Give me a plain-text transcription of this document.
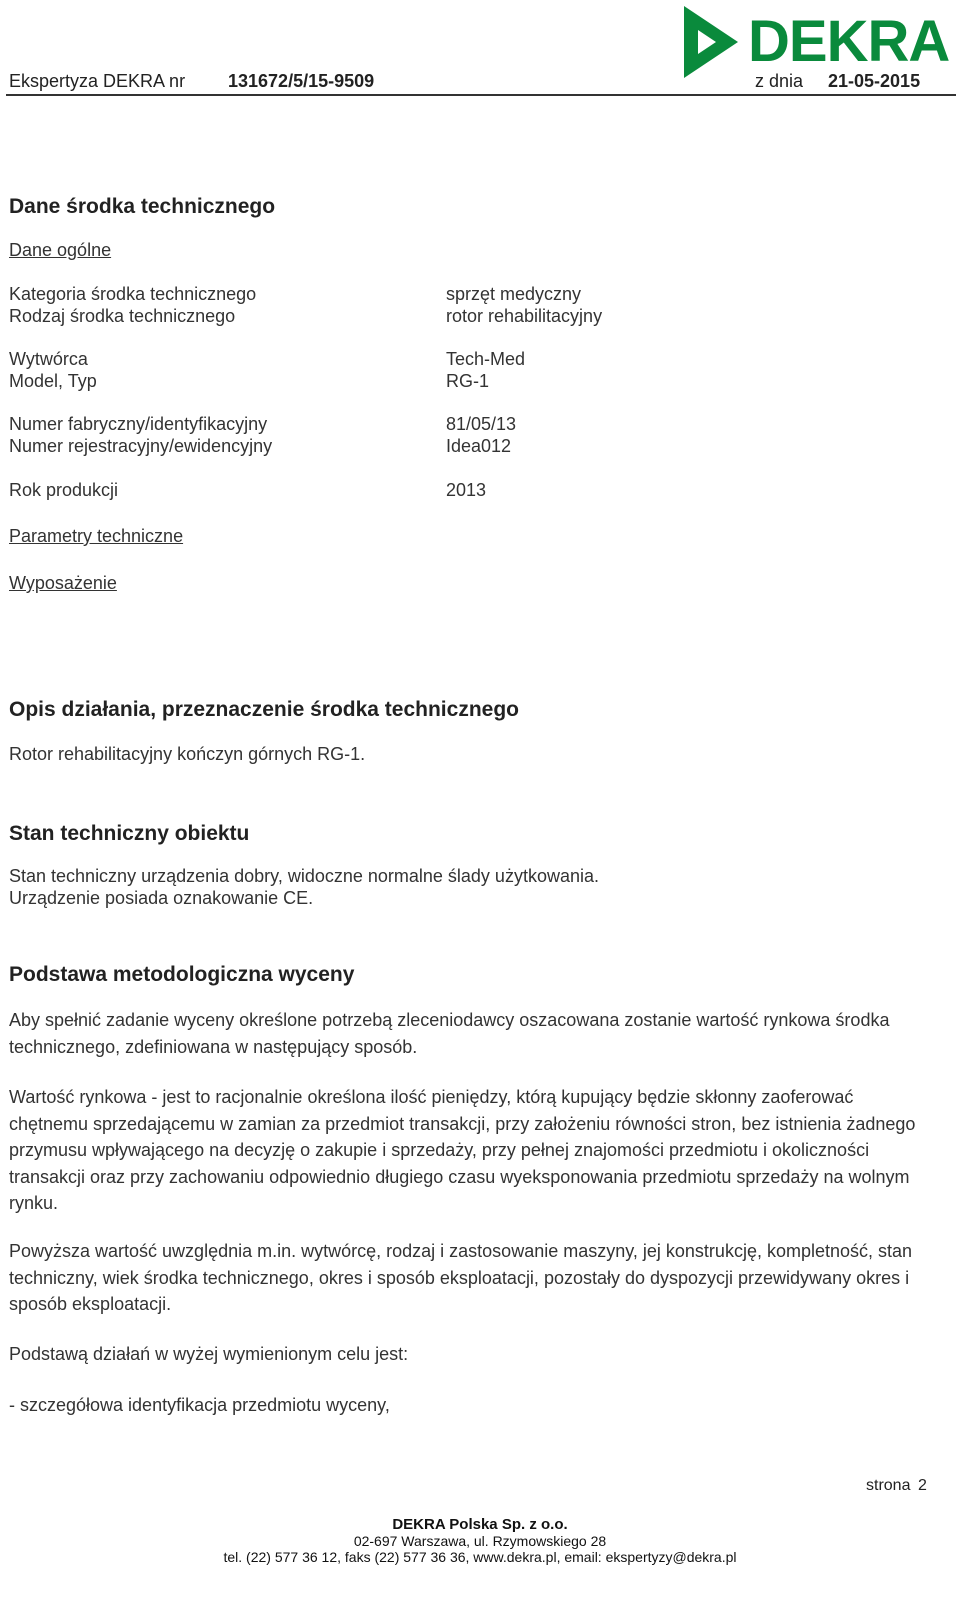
Ekspertyza DEKRA nr 131672/5/15-9509	z dnia 21-05-2015
DEKRA
Dane środka technicznego
Dane ogólne
Kategoria środka technicznego	sprzęt medyczny
Rodzaj środka technicznego	rotor rehabilitacyjny
Wytwórca	Tech-Med
Model, Typ	RG-1
Numer fabryczny/identyfikacyjny	81/05/13
Numer rejestracyjny/ewidencyjny	Idea012
Rok produkcji	2013
Parametry techniczne
Wyposażenie
Opis działania, przeznaczenie środka technicznego
Rotor rehabilitacyjny kończyn górnych RG-1.
Stan techniczny obiektu
Stan techniczny urządzenia dobry, widoczne normalne ślady użytkowania.
Urządzenie posiada oznakowanie CE.
Podstawa metodologiczna wyceny
Aby spełnić zadanie wyceny określone potrzebą zleceniodawcy oszacowana zostanie wartość rynkowa środka technicznego, zdefiniowana w następujący sposób.
Wartość rynkowa - jest to racjonalnie określona ilość pieniędzy, którą kupujący będzie skłonny zaoferować chętnemu sprzedającemu w zamian za przedmiot transakcji, przy założeniu równości stron, bez istnienia żadnego przymusu wpływającego na decyzję o zakupie i sprzedaży, przy pełnej znajomości przedmiotu i okoliczności transakcji oraz przy zachowaniu odpowiednio długiego czasu wyeksponowania przedmiotu sprzedaży na wolnym rynku.
Powyższa wartość uwzględnia m.in. wytwórcę, rodzaj i zastosowanie maszyny, jej konstrukcję, kompletność, stan techniczny, wiek środka technicznego, okres i sposób eksploatacji, pozostały do dyspozycji przewidywany okres i sposób eksploatacji.
Podstawą działań w wyżej wymienionym celu jest:
- szczegółowa identyfikacja przedmiotu wyceny,
strona 2
DEKRA Polska Sp. z o.o.
02-697 Warszawa, ul. Rzymowskiego 28
tel. (22) 577 36 12, faks (22) 577 36 36, www.dekra.pl, email: ekspertyzy@dekra.pl
